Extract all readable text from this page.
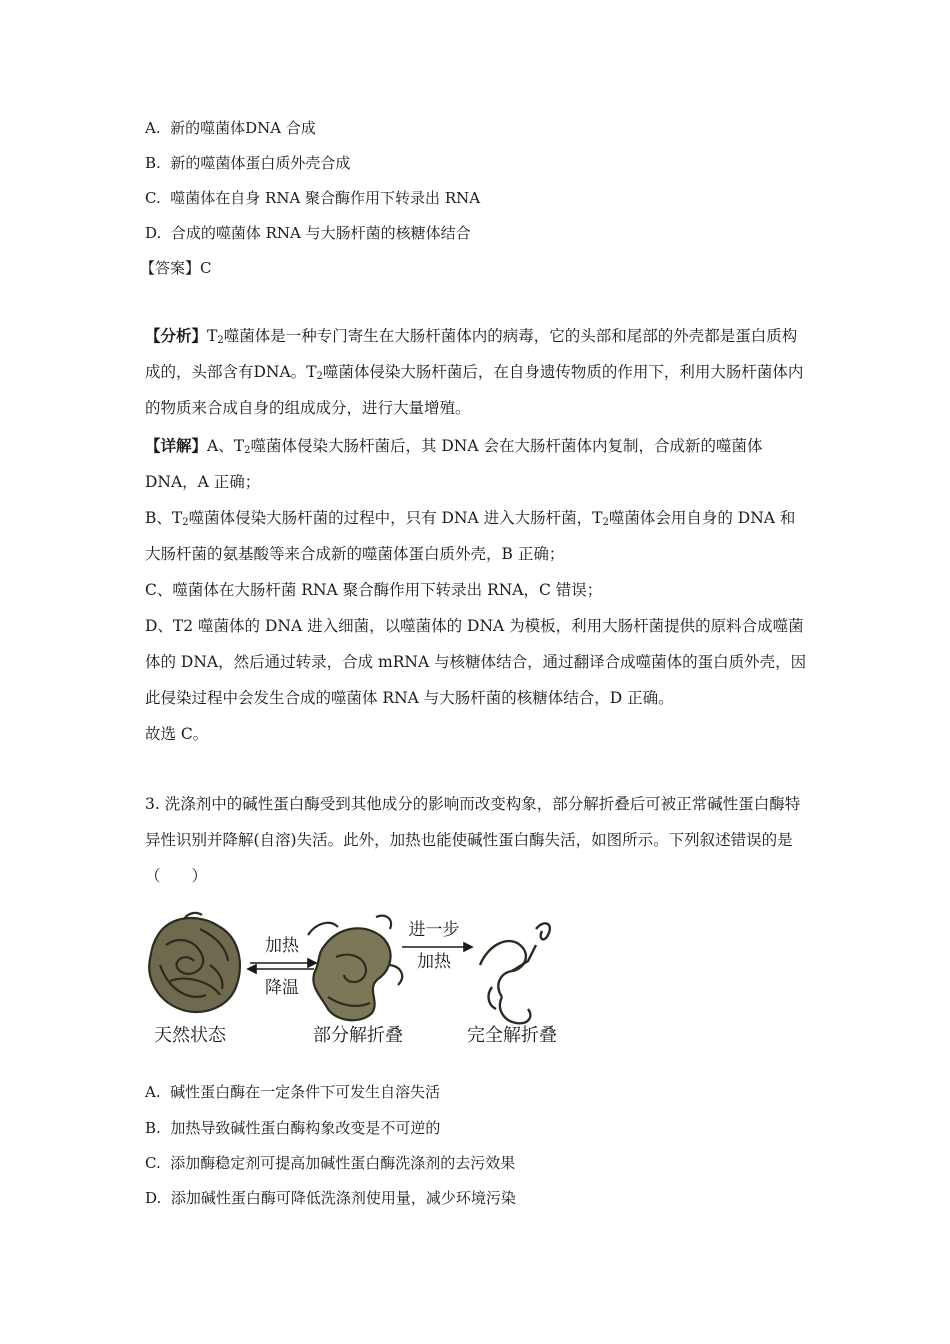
A. 新的噬菌体DNA 合成
B. 新的噬菌体蛋白质外壳合成
C. 噬菌体在自身 RNA 聚合酶作用下转录出 RNA
D. 合成的噬菌体 RNA 与大肠杆菌的核糖体结合
【答案】C
【分析】$T_2$噬菌体是一种专门寄生在大肠杆菌体内的病毒，它的头部和尾部的外壳都是蛋白质构成的，头部含有DNA。$T_2$噬菌体侵染大肠杆菌后，在自身遗传物质的作用下，利用大肠杆菌体内的物质来合成自身的组成成分，进行大量增殖。
【详解】A、$T_2$噬菌体侵染大肠杆菌后，其 DNA 会在大肠杆菌体内复制，合成新的噬菌体 DNA，A 正确；
B、$T_2$噬菌体侵染大肠杆菌的过程中，只有 DNA 进入大肠杆菌，$T_2$噬菌体会用自身的 DNA 和大肠杆菌的氨基酸等来合成新的噬菌体蛋白质外壳，B 正确；
C、噬菌体在大肠杆菌 RNA 聚合酶作用下转录出 RNA，C 错误；
D、T2 噬菌体的 DNA 进入细菌，以噬菌体的 DNA 为模板，利用大肠杆菌提供的原料合成噬菌体的 DNA，然后通过转录，合成 mRNA 与核糖体结合，通过翻译合成噬菌体的蛋白质外壳，因此侵染过程中会发生合成的噬菌体 RNA 与大肠杆菌的核糖体结合，D 正确。
故选 C。
3. 洗涤剂中的碱性蛋白酶受到其他成分的影响而改变构象，部分解折叠后可被正常碱性蛋白酶特异性识别并降解(自溶)失活。此外，加热也能使碱性蛋白酶失活，如图所示。下列叙述错误的是（　　）
加热
降温
进一步
加热
天然状态	部分解折叠	完全解折叠
A. 碱性蛋白酶在一定条件下可发生自溶失活
B. 加热导致碱性蛋白酶构象改变是不可逆的
C. 添加酶稳定剂可提高加碱性蛋白酶洗涤剂的去污效果
D. 添加碱性蛋白酶可降低洗涤剂使用量，减少环境污染
